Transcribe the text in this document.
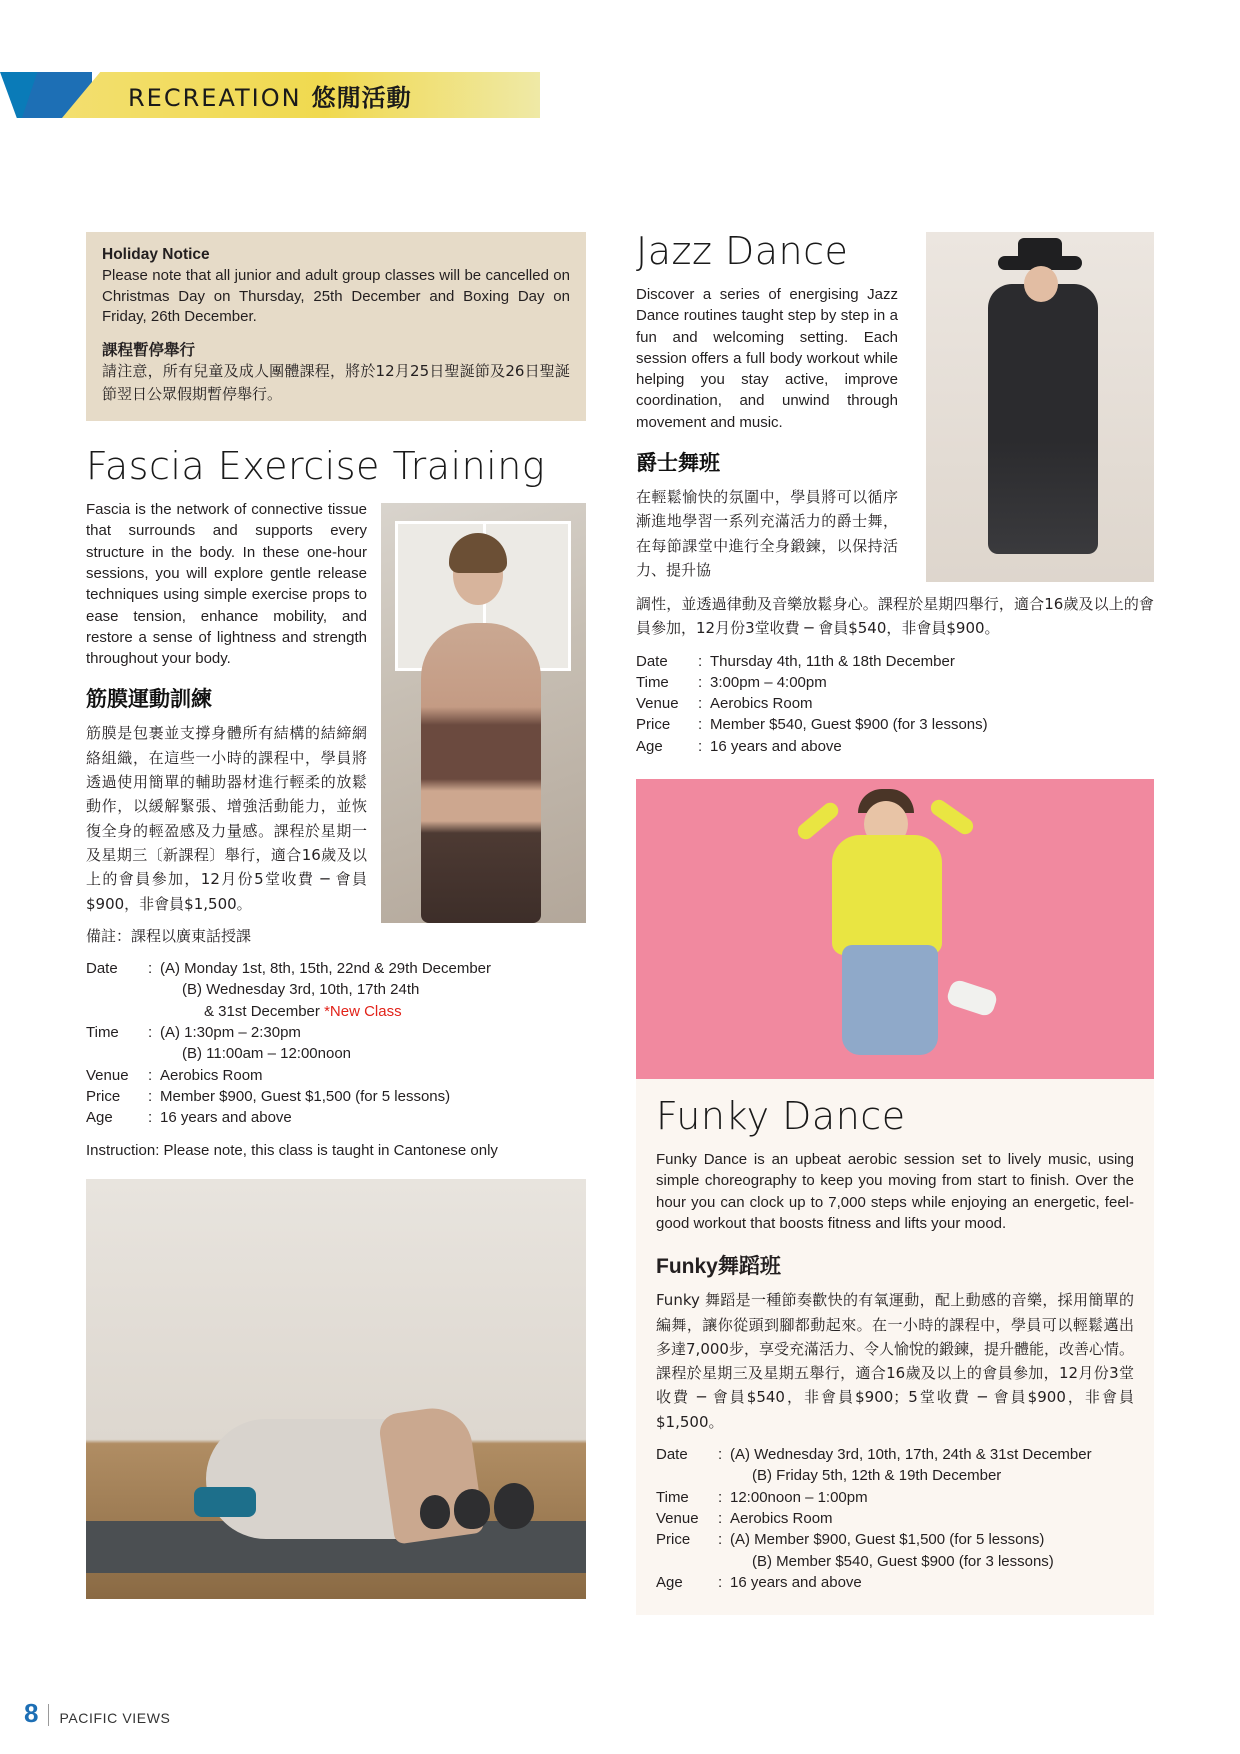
RECREATION 悠閒活動
Holiday Notice

Please note that all junior and adult group classes will be cancelled on Christmas Day on Thursday, 25th December and Boxing Day on Friday, 26th December.

課程暫停舉行

請注意，所有兒童及成人團體課程，將於12月25日聖誕節及26日聖誕節翌日公眾假期暫停舉行。

Fascia Exercise Training

Fascia is the network of connective tissue that surrounds and supports every structure in the body. In these one-hour sessions, you will explore gentle release techniques using simple exercise props to ease tension, enhance mobility, and restore a sense of lightness and strength throughout your body.

筋膜運動訓練

筋膜是包裹並支撐身體所有結構的結締網絡組織，在這些一小時的課程中，學員將透過使用簡單的輔助器材進行輕柔的放鬆動作，以緩解緊張、增強活動能力，並恢復全身的輕盈感及力量感。課程於星期一及星期三〔新課程〕舉行，適合16歲及以上的會員參加，12月份5堂收費 ─ 會員$900，非會員$1,500。

備註：課程以廣東話授課

Date	: (A) Monday 1st, 8th, 15th, 22nd & 29th December
(B) Wednesday 3rd, 10th, 17th 24th
& 31st December *New Class
Time	: (A) 1:30pm – 2:30pm
(B) 11:00am – 12:00noon
Venue	: Aerobics Room
Price	: Member $900, Guest $1,500 (for 5 lessons)
Age	: 16 years and above
Instruction: Please note, this class is taught in Cantonese only
Jazz Dance

Discover a series of energising Jazz Dance routines taught step by step in a fun and welcoming setting. Each session offers a full body workout while helping you stay active, improve coordination, and unwind through movement and music.

爵士舞班

在輕鬆愉快的氛圍中，學員將可以循序漸進地學習一系列充滿活力的爵士舞，在每節課堂中進行全身鍛鍊，以保持活力、提升協

調性，並透過律動及音樂放鬆身心。課程於星期四舉行，適合16歲及以上的會員參加，12月份3堂收費 ─ 會員$540，非會員$900。

Date	: Thursday 4th, 11th & 18th December
Time	: 3:00pm – 4:00pm
Venue	: Aerobics Room
Price	: Member $540, Guest $900 (for 3 lessons)
Age	: 16 years and above
Funky Dance

Funky Dance is an upbeat aerobic session set to lively music, using simple choreography to keep you moving from start to finish. Over the hour you can clock up to 7,000 steps while enjoying an energetic, feel-good workout that boosts fitness and lifts your mood.

Funky舞蹈班

Funky 舞蹈是一種節奏歡快的有氧運動，配上動感的音樂，採用簡單的編舞，讓你從頭到腳都動起來。在一小時的課程中，學員可以輕鬆邁出多達7,000步，享受充滿活力、令人愉悅的鍛鍊，提升體能，改善心情。課程於星期三及星期五舉行，適合16歲及以上的會員參加，12月份3堂收費 ─ 會員$540，非會員$900；5堂收費 ─ 會員$900，非會員$1,500。

Date	: (A) Wednesday 3rd, 10th, 17th, 24th & 31st December
(B) Friday 5th, 12th & 19th December
Time	: 12:00noon – 1:00pm
Venue	: Aerobics Room
Price	: (A) Member $900, Guest $1,500 (for 5 lessons)
(B) Member $540, Guest $900 (for 3 lessons)
Age	: 16 years and above
8 PACIFIC VIEWS
